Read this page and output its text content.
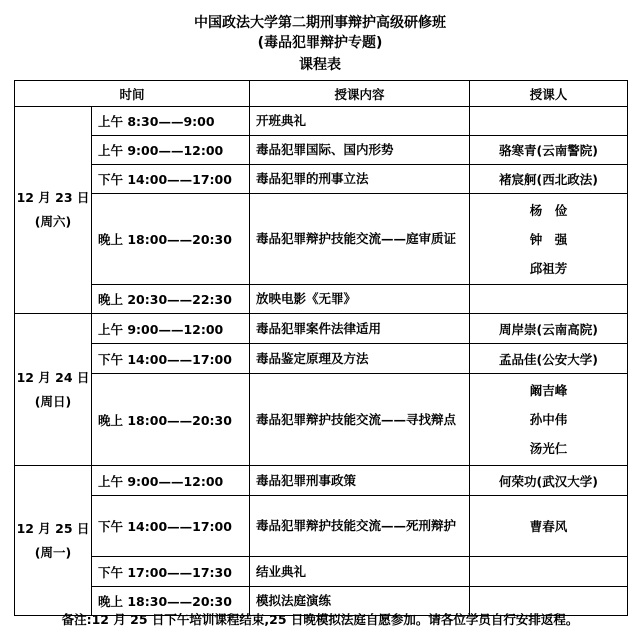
中国政法大学第二期刑事辩护高级研修班
(毒品犯罪辩护专题)
课程表
时间		授课内容	授课人

12 月 23 日
(周六)	上午 8:30——9:00	开班典礼	
	上午 9:00——12:00	毒品犯罪国际、国内形势	骆寒青(云南警院)
	下午 14:00——17:00	毒品犯罪的刑事立法	褚宸舸(西北政法)
	晚上 18:00——20:30	毒品犯罪辩护技能交流——庭审质证	杨　俭
钟　强
邱祖芳

	晚上 20:30——22:30	放映电影《无罪》	

12 月 24 日
(周日)	上午 9:00——12:00	毒品犯罪案件法律适用	周岸崇(云南高院)
	下午 14:00——17:00	毒品鉴定原理及方法	孟品佳(公安大学)
	晚上 18:00——20:30	毒品犯罪辩护技能交流——寻找辩点	阚吉峰
孙中伟
汤光仁

12 月 25 日
(周一)	上午 9:00——12:00	毒品犯罪刑事政策	何荣功(武汉大学)
	下午 14:00——17:00	毒品犯罪辩护技能交流——死刑辩护	曹春风
	下午 17:00——17:30	结业典礼	
	晚上 18:30——20:30	模拟法庭演练	
备注:12 月 25 日下午培训课程结束,25 日晚模拟法庭自愿参加。请各位学员自行安排返程。
